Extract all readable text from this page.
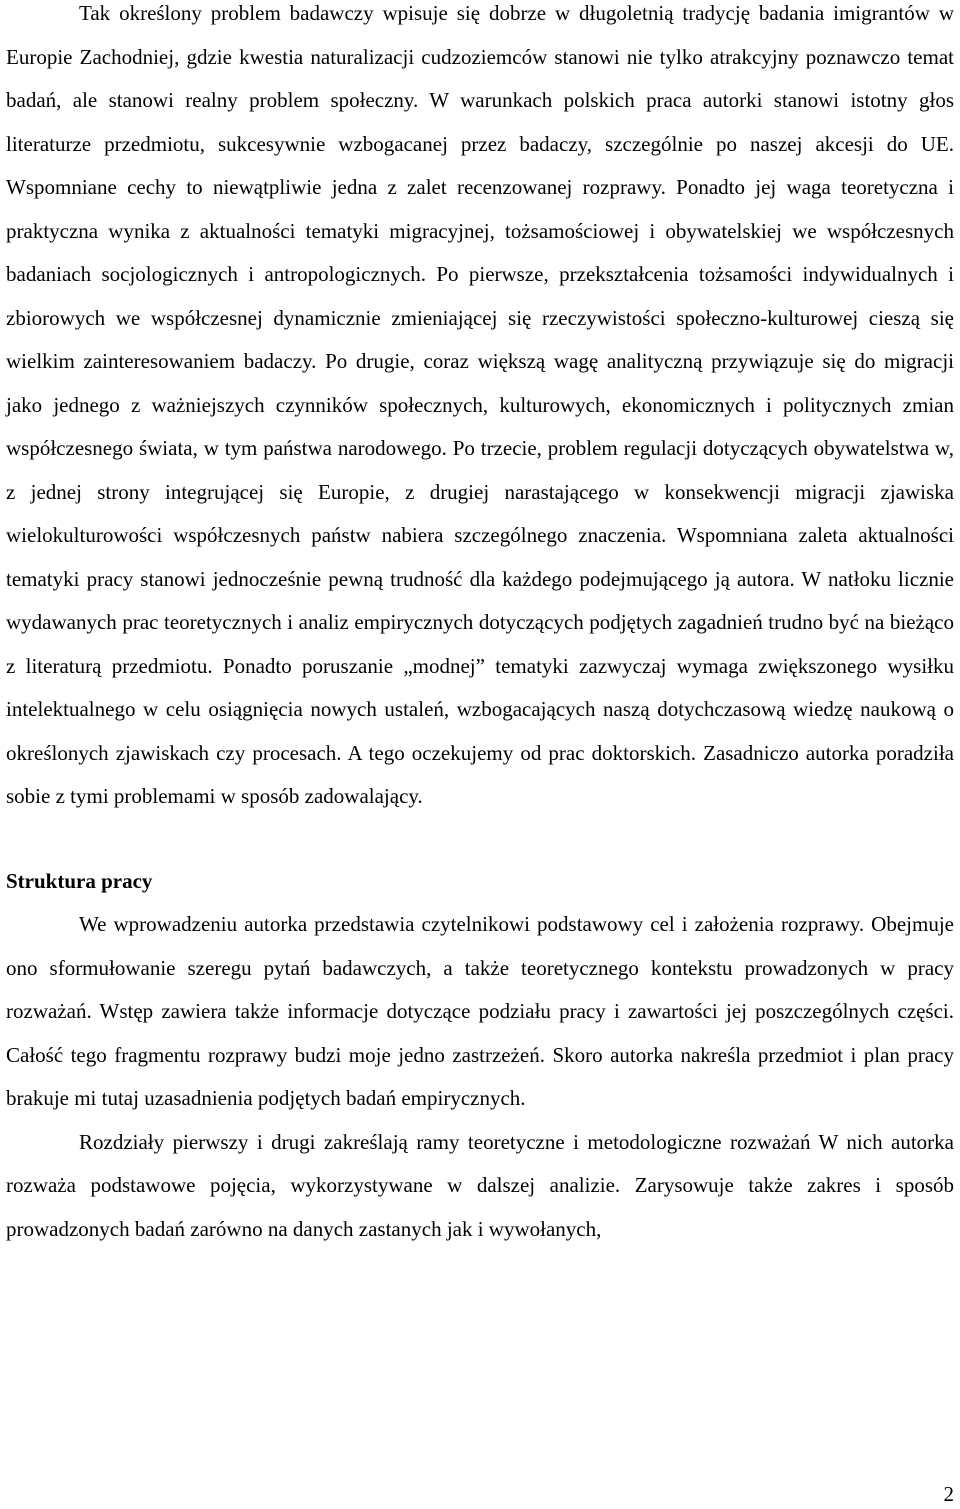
Tak określony problem badawczy wpisuje się dobrze w długoletnią tradycję badania imigrantów w Europie Zachodniej, gdzie kwestia naturalizacji cudzoziemców stanowi nie tylko atrakcyjny poznawczo temat badań, ale stanowi realny problem społeczny. W warunkach polskich praca autorki stanowi istotny głos literaturze przedmiotu, sukcesywnie wzbogacanej przez badaczy, szczególnie po naszej akcesji do UE. Wspomniane cechy to niewątpliwie jedna z zalet recenzowanej rozprawy. Ponadto jej waga teoretyczna i praktyczna wynika z aktualności tematyki migracyjnej, tożsamościowej i obywatelskiej we współczesnych badaniach socjologicznych i antropologicznych. Po pierwsze, przekształcenia tożsamości indywidualnych i zbiorowych we współczesnej dynamicznie zmieniającej się rzeczywistości społeczno-kulturowej cieszą się wielkim zainteresowaniem badaczy. Po drugie, coraz większą wagę analityczną przywiązuje się do migracji jako jednego z ważniejszych czynników społecznych, kulturowych, ekonomicznych i politycznych zmian współczesnego świata, w tym państwa narodowego. Po trzecie, problem regulacji dotyczących obywatelstwa w, z jednej strony integrującej się Europie, z drugiej narastającego w konsekwencji migracji zjawiska wielokulturowości współczesnych państw nabiera szczególnego znaczenia. Wspomniana zaleta aktualności tematyki pracy stanowi jednocześnie pewną trudność dla każdego podejmującego ją autora. W natłoku licznie wydawanych prac teoretycznych i analiz empirycznych dotyczących podjętych zagadnień trudno być na bieżąco z literaturą przedmiotu. Ponadto poruszanie „modnej” tematyki zazwyczaj wymaga zwiększonego wysiłku intelektualnego w celu osiągnięcia nowych ustaleń, wzbogacających naszą dotychczasową wiedzę naukową o określonych zjawiskach czy procesach. A tego oczekujemy od prac doktorskich. Zasadniczo autorka poradziła sobie z tymi problemami w sposób zadowalający.

Struktura pracy

We wprowadzeniu autorka przedstawia czytelnikowi podstawowy cel i założenia rozprawy. Obejmuje ono sformułowanie szeregu pytań badawczych, a także teoretycznego kontekstu prowadzonych w pracy rozważań. Wstęp zawiera także informacje dotyczące podziału pracy i zawartości jej poszczególnych części. Całość tego fragmentu rozprawy budzi moje jedno zastrzeżeń. Skoro autorka nakreśla przedmiot i plan pracy brakuje mi tutaj uzasadnienia podjętych badań empirycznych.

Rozdziały pierwszy i drugi zakreślają ramy teoretyczne i metodologiczne rozważań W nich autorka rozważa podstawowe pojęcia, wykorzystywane w dalszej analizie. Zarysowuje także zakres i sposób prowadzonych badań zarówno na danych zastanych jak i wywołanych,

2
